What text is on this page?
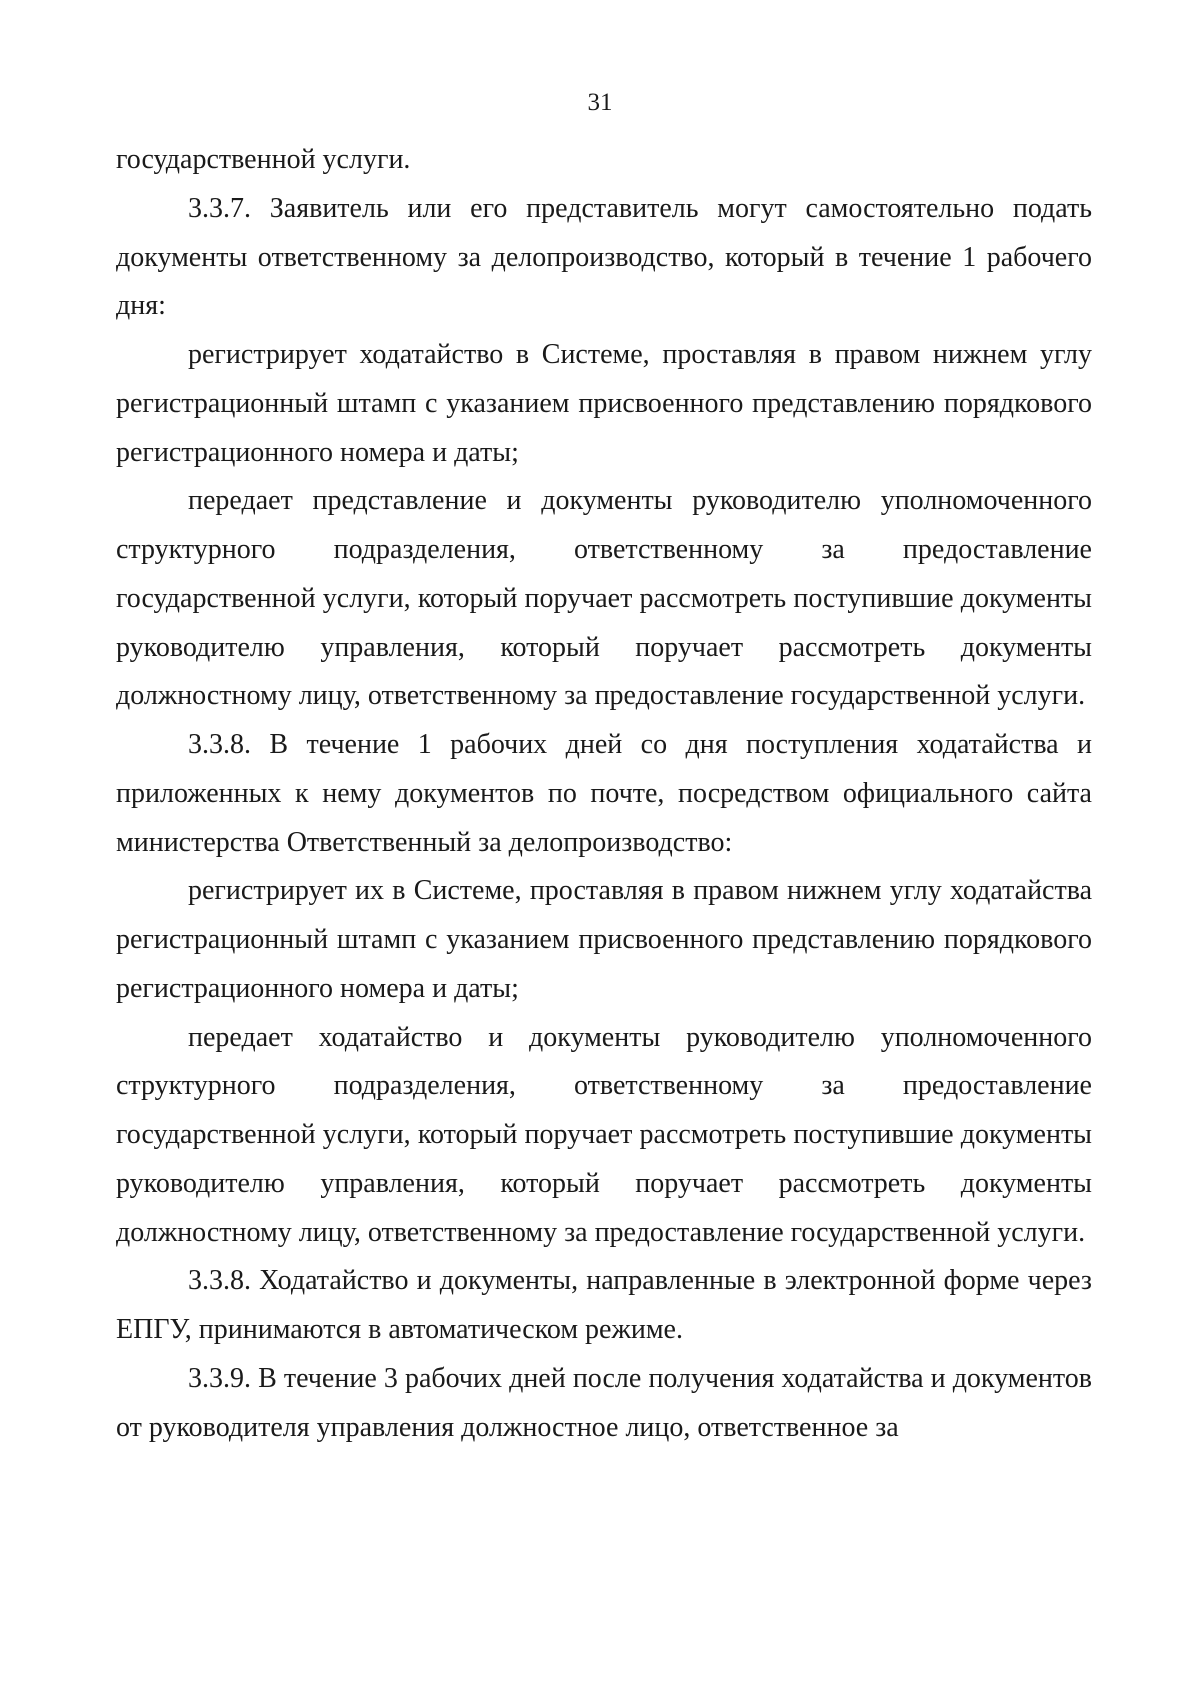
31

государственной услуги.

3.3.7. Заявитель или его представитель могут самостоятельно подать документы ответственному за делопроизводство, который в течение 1 рабочего дня:

регистрирует ходатайство в Системе, проставляя в правом нижнем углу регистрационный штамп с указанием присвоенного представлению порядкового регистрационного номера и даты;

передает представление и документы руководителю уполномоченного структурного подразделения, ответственному за предоставление государственной услуги, который поручает рассмотреть поступившие документы руководителю управления, который поручает рассмотреть документы должностному лицу, ответственному за предоставление государственной услуги.

3.3.8. В течение 1 рабочих дней со дня поступления ходатайства и приложенных к нему документов по почте, посредством официального сайта министерства Ответственный за делопроизводство:

регистрирует их в Системе, проставляя в правом нижнем углу ходатайства регистрационный штамп с указанием присвоенного представлению порядкового регистрационного номера и даты;

передает ходатайство и документы руководителю уполномоченного структурного подразделения, ответственному за предоставление государственной услуги, который поручает рассмотреть поступившие документы руководителю управления, который поручает рассмотреть документы должностному лицу, ответственному за предоставление государственной услуги.

3.3.8. Ходатайство и документы, направленные в электронной форме через ЕПГУ, принимаются в автоматическом режиме.

3.3.9. В течение 3 рабочих дней после получения ходатайства и документов от руководителя управления должностное лицо, ответственное за
